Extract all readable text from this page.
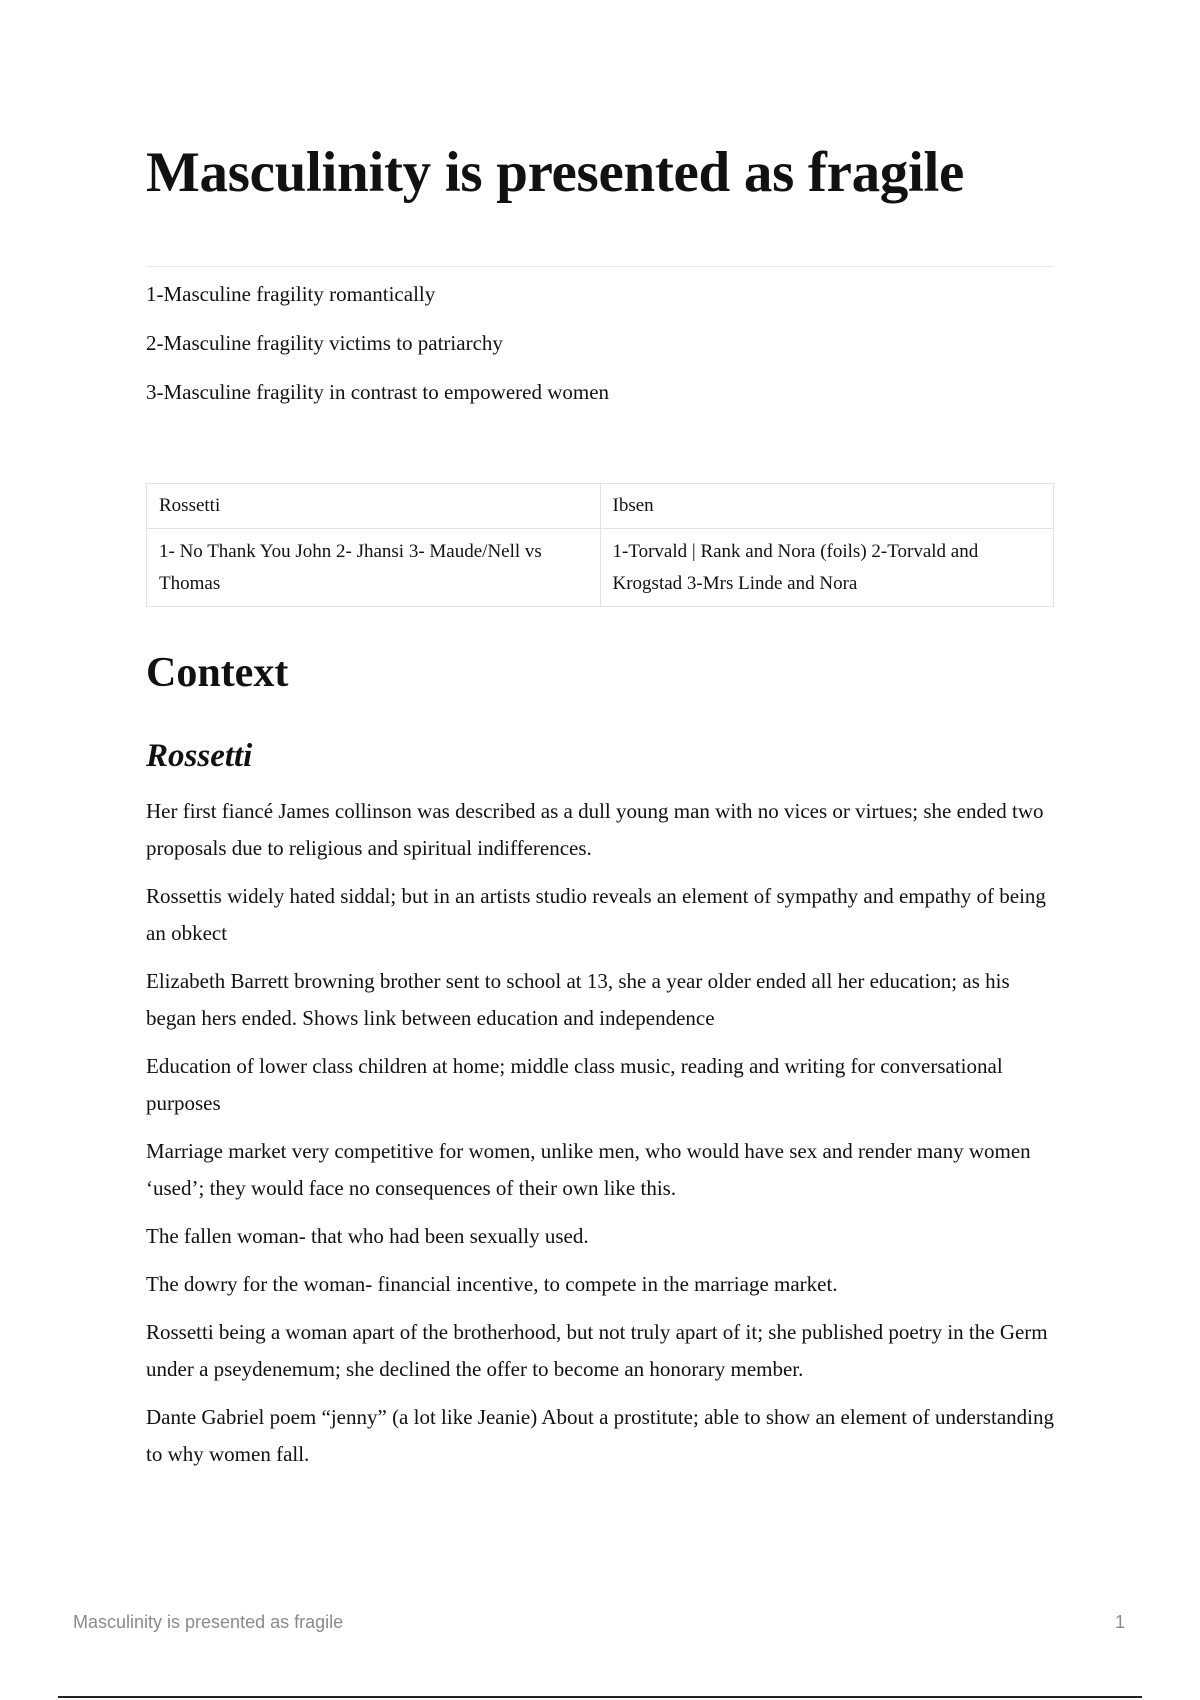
Masculinity is presented as fragile
1-Masculine fragility romantically
2-Masculine fragility victims to patriarchy
3-Masculine fragility in contrast to empowered women
Rossetti	Ibsen
1- No Thank You John 2- Jhansi 3- Maude/Nell vs Thomas	1-Torvald | Rank and Nora (foils) 2-Torvald and Krogstad 3-Mrs Linde and Nora
Context
Rossetti

Her first fiancé James collinson was described as a dull young man with no vices or virtues; she ended two proposals due to religious and spiritual indifferences.

Rossettis widely hated siddal; but in an artists studio reveals an element of sympathy and empathy of being an obkect

Elizabeth Barrett browning brother sent to school at 13, she a year older ended all her education; as his began hers ended. Shows link between education and independence

Education of lower class children at home; middle class music, reading and writing for conversational purposes

Marriage market very competitive for women, unlike men, who would have sex and render many women ‘used’; they would face no consequences of their own like this.

The fallen woman- that who had been sexually used.

The dowry for the woman- financial incentive, to compete in the marriage market.

Rossetti being a woman apart of the brotherhood, but not truly apart of it; she published poetry in the Germ under a pseydenemum; she declined the offer to become an honorary member.

Dante Gabriel poem “jenny” (a lot like Jeanie) About a prostitute; able to show an element of understanding to why women fall.

Masculinity is presented as fragile	1
